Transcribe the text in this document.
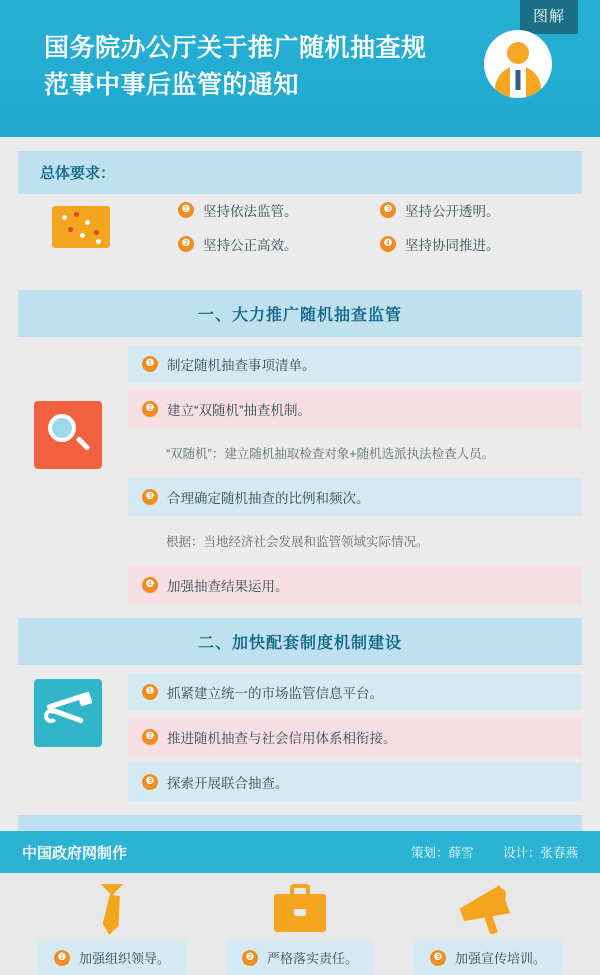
图解
国务院办公厅关于推广随机抽查规范事中事后监管的通知
总体要求：
❶ 坚持依法监管。	❸ 坚持公开透明。
❷ 坚持公正高效。	❹ 坚持协同推进。
一、大力推广随机抽查监管
❶ 制定随机抽查事项清单。
❷ 建立“双随机”抽查机制。
“双随机”：建立随机抽取检查对象+随机选派执法检查人员。
❸ 合理确定随机抽查的比例和频次。
根据：当地经济社会发展和监管领域实际情况。
❹ 加强抽查结果运用。
二、加快配套制度机制建设
❶ 抓紧建立统一的市场监管信息平台。
❷ 推进随机抽查与社会信用体系相衔接。
❸ 探索开展联合抽查。
❶ 加强组织领导。	❷ 严格落实责任。	❸ 加强宣传培训。
中国政府网制作	策划：薛雪 设计：张春燕
